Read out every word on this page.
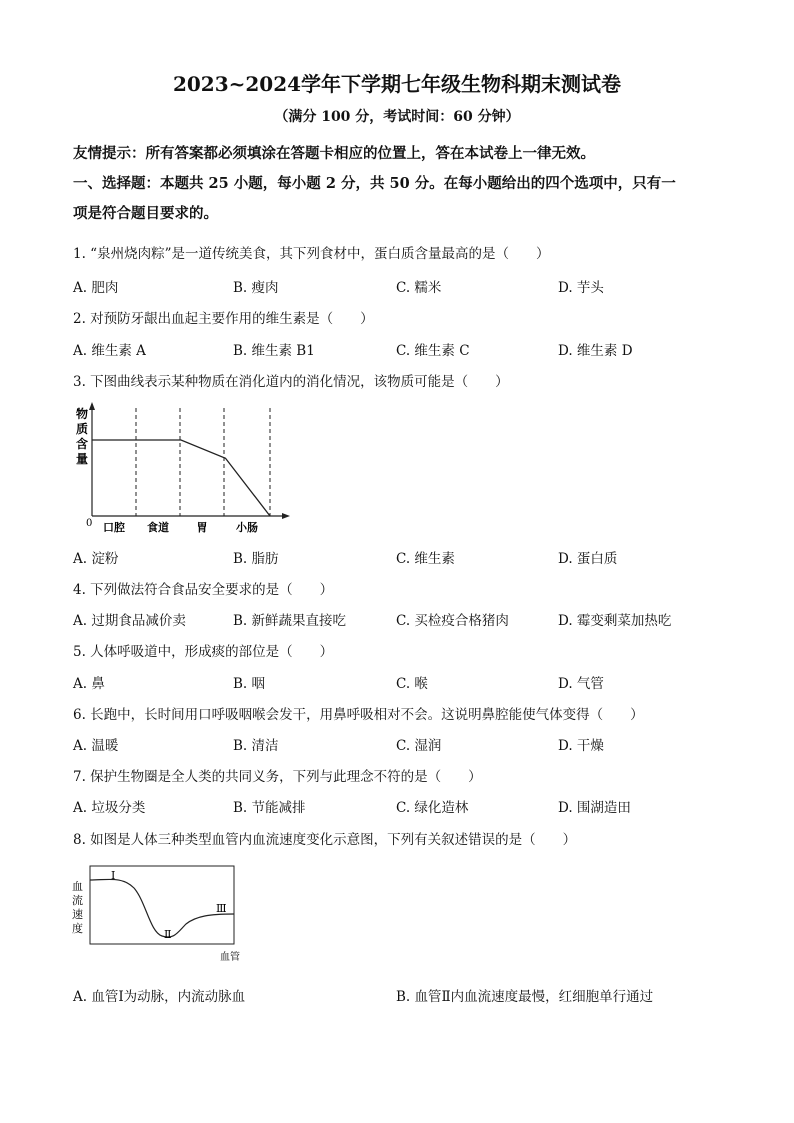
2023~2024学年下学期七年级生物科期末测试卷
（满分 100 分，考试时间：60 分钟）
友情提示：所有答案都必须填涂在答题卡相应的位置上，答在本试卷上一律无效。
一、选择题：本题共 25 小题，每小题 2 分，共 50 分。在每小题给出的四个选项中，只有一
项是符合题目要求的。
1. “泉州烧肉粽”是一道传统美食，其下列食材中，蛋白质含量最高的是（　　）
A. 肥肉	B. 瘦肉	C. 糯米	D. 芋头
2. 对预防牙龈出血起主要作用的维生素是（　　）
A. 维生素 A	B. 维生素 B1	C. 维生素 C	D. 维生素 D
3. 下图曲线表示某种物质在消化道内的消化情况，该物质可能是（　　）
物
质
含
量
0 口腔 食道	胃	小肠
A. 淀粉	B. 脂肪	C. 维生素	D. 蛋白质
4. 下列做法符合食品安全要求的是（　　）
A. 过期食品减价卖	B. 新鲜蔬果直接吃	C. 买检疫合格猪肉	D. 霉变剩菜加热吃
5. 人体呼吸道中，形成痰的部位是（　　）
A. 鼻	B. 咽	C. 喉	D. 气管
6. 长跑中，长时间用口呼吸咽喉会发干，用鼻呼吸相对不会。这说明鼻腔能使气体变得（　　）
A. 温暖	B. 清洁	C. 湿润	D. 干燥
7. 保护生物圈是全人类的共同义务，下列与此理念不符的是（　　）
A. 垃圾分类	B. 节能减排	C. 绿化造林	D. 围湖造田
8. 如图是人体三种类型血管内血流速度变化示意图，下列有关叙述错误的是（　　）
血
流
速
度
Ⅰ
Ⅱ
Ⅲ
血管
A. 血管Ⅰ为动脉，内流动脉血	B. 血管Ⅱ内血流速度最慢，红细胞单行通过
